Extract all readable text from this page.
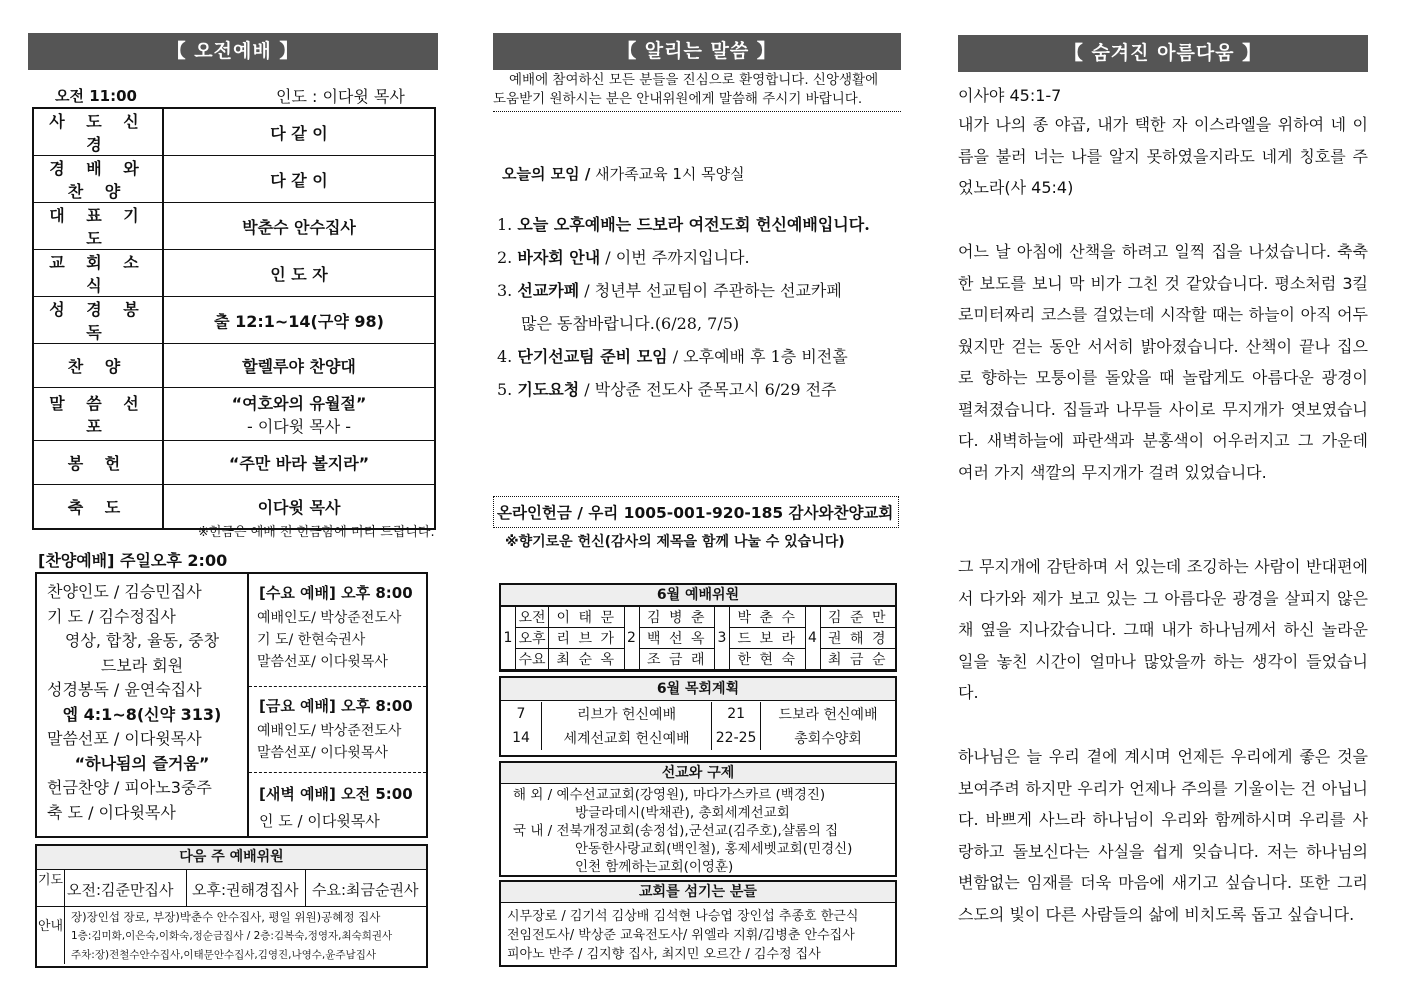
【 오전예배 】
오전 11:00	인도 : 이다윗 목사
사 도 신 경	다 같 이
경 배 와 찬 양	다 같 이
대 표 기 도	박춘수 안수집사
교 회 소 식	인 도 자
성 경 봉 독	출 12:1~14(구약 98)
찬 양	할렐루야 찬양대
말 씀 선 포	“여호와의 유월절”
- 이다윗 목사 -

봉 헌	“주만 바라 볼지라”
축 도	이다윗 목사
※헌금은 예배 전 헌금함에 미리 드립니다.
[찬양예배] 주일오후 2:00
찬양인도 / 김승민집사
기 도 / 김수정집사
영상, 합창, 율동, 중창
드보라 회원
성경봉독 / 윤연숙집사
엡 4:1~8(신약 313)
말씀선포 / 이다윗목사
“하나됨의 즐거움”
헌금찬양 / 피아노3중주
축 도 / 이다윗목사
[수요 예배] 오후 8:00
예배인도/ 박상준전도사
기 도/ 한현숙권사
말씀선포/ 이다윗목사
[금요 예배] 오후 8:00
예배인도/ 박상준전도사
말씀선포/ 이다윗목사
[새벽 예배] 오전 5:00
인 도 / 이다윗목사
다음 주 예배위원
기도
오전:김준만집사 오후:권해경집사 수요:최금순권사
안내
장)장인섭 장로, 부장)박춘수 안수집사, 평일 위원)공혜정 집사
1층:김미화,이은숙,이화숙,정순금집사 / 2층:김복숙,정영자,최숙희권사
주차:장)전철수안수집사,이태문안수집사,김영진,나영수,윤주남집사
【 알리는 말씀 】
예배에 참여하신 모든 분들을 진심으로 환영합니다. 신앙생활에
도움받기 원하시는 분은 안내위원에게 말씀해 주시기 바랍니다.
오늘의 모임 / 새가족교육 1시 목양실
1. 오늘 오후예배는 드보라 여전도회 헌신예배입니다.
2. 바자회 안내 / 이번 주까지입니다.
3. 선교카페 / 청년부 선교팀이 주관하는 선교카페
많은 동참바랍니다.(6/28, 7/5)
4. 단기선교팀 준비 모임 / 오후예배 후 1층 비전홀
5. 기도요청 / 박상준 전도사 준목고시 6/29 전주
온라인헌금 / 우리 1005-001-920-185 감사와찬양교회
※향기로운 헌신(감사의 제목을 함께 나눌 수 있습니다)
6월 예배위원
1	오전	이 태 문	2	김 병 춘	3	박 춘 수	4	김 준 만
	오후	리 브 가		백 선 옥		드 보 라		권 해 경
	수요	최 순 옥		조 금 래		한 현 숙		최 금 순
6월 목회계획
7	리브가 헌신예배	21	드보라 헌신예배
14	세계선교회 헌신예배	22-25	총회수양회
선교와 구제
해 외 / 예수선교교회(강영원), 마다가스카르 (백경진)
방글라데시(박채관), 총회세계선교회
국 내 / 전북개정교회(송정섭),군선교(김주호),샬롬의 집
안동한사랑교회(백인철), 홍제세벳교회(민경신)
인천 함께하는교회(이영훈)
교회를 섬기는 분들
시무장로 / 김기석 김상배 김석현 나승엽 장인섭 추종호 한근식
전임전도사/ 박상준 교육전도사/ 위엘라 지휘/김병춘 안수집사
피아노 반주 / 김지향 집사, 최지민 오르간 / 김수정 집사
【 숨겨진 아름다움 】
이사야 45:1-7
내가 나의 종 야곱, 내가 택한 자 이스라엘을 위하여 네 이름을 불러 너는 나를 알지 못하였을지라도 네게 칭호를 주었노라(사 45:4)
어느 날 아침에 산책을 하려고 일찍 집을 나섰습니다. 축축한 보도를 보니 막 비가 그친 것 같았습니다. 평소처럼 3킬로미터짜리 코스를 걸었는데 시작할 때는 하늘이 아직 어두웠지만 걷는 동안 서서히 밝아졌습니다. 산책이 끝나 집으로 향하는 모퉁이를 돌았을 때 놀랍게도 아름다운 광경이 펼쳐졌습니다. 집들과 나무들 사이로 무지개가 엿보였습니다. 새벽하늘에 파란색과 분홍색이 어우러지고 그 가운데 여러 가지 색깔의 무지개가 걸려 있었습니다.
그 무지개에 감탄하며 서 있는데 조깅하는 사람이 반대편에서 다가와 제가 보고 있는 그 아름다운 광경을 살피지 않은 채 옆을 지나갔습니다. 그때 내가 하나님께서 하신 놀라운 일을 놓친 시간이 얼마나 많았을까 하는 생각이 들었습니다.
하나님은 늘 우리 곁에 계시며 언제든 우리에게 좋은 것을 보여주려 하지만 우리가 언제나 주의를 기울이는 건 아닙니다. 바쁘게 사느라 하나님이 우리와 함께하시며 우리를 사랑하고 돌보신다는 사실을 쉽게 잊습니다. 저는 하나님의 변함없는 임재를 더욱 마음에 새기고 싶습니다. 또한 그리스도의 빛이 다른 사람들의 삶에 비치도록 돕고 싶습니다.
